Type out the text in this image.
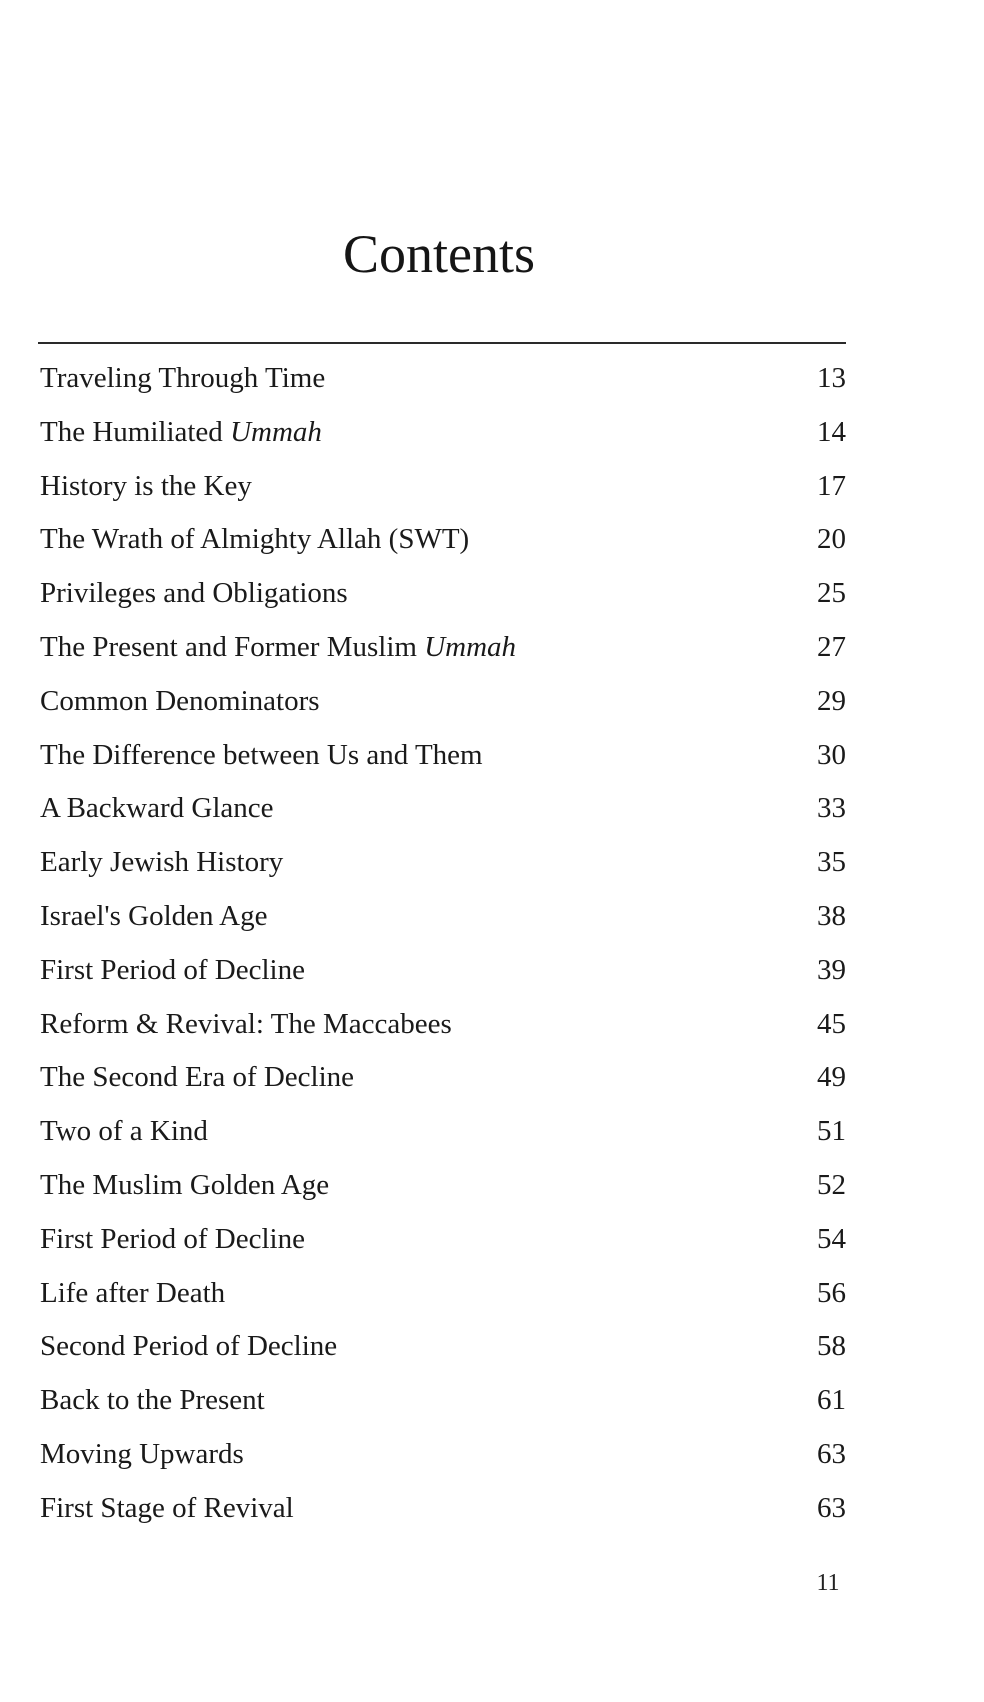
Contents
Traveling Through Time	13
The Humiliated Ummah	14
History is the Key	17
The Wrath of Almighty Allah (SWT)	20
Privileges and Obligations	25
The Present and Former Muslim Ummah	27
Common Denominators	29
The Difference between Us and Them	30
A Backward Glance	33
Early Jewish History	35
Israel's Golden Age	38
First Period of Decline	39
Reform & Revival: The Maccabees	45
The Second Era of Decline	49
Two of a Kind	51
The Muslim Golden Age	52
First Period of Decline	54
Life after Death	56
Second Period of Decline	58
Back to the Present	61
Moving Upwards	63
First Stage of Revival	63
11
